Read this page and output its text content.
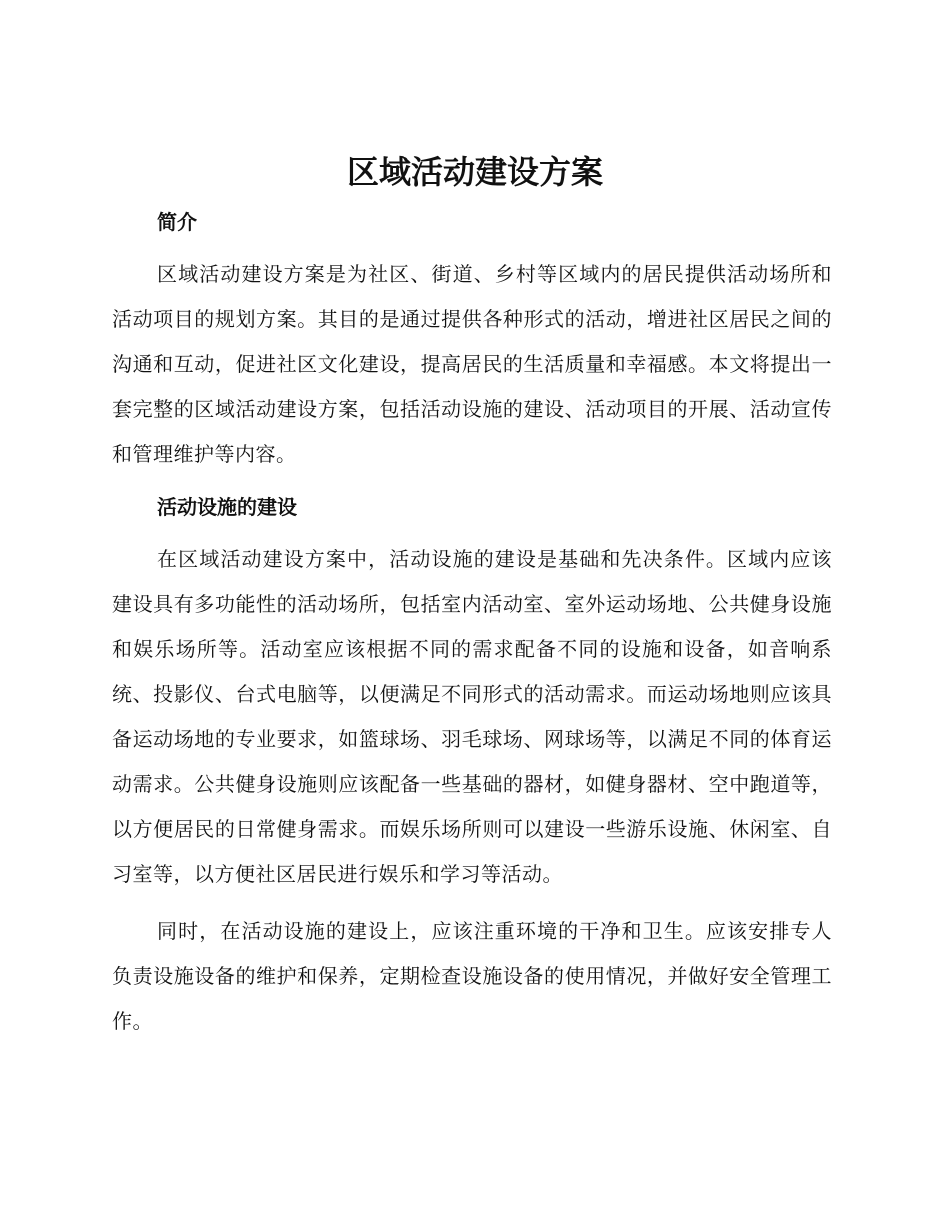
区域活动建设方案
简介

区域活动建设方案是为社区、街道、乡村等区域内的居民提供活动场所和活动项目的规划方案。其目的是通过提供各种形式的活动，增进社区居民之间的沟通和互动，促进社区文化建设，提高居民的生活质量和幸福感。本文将提出一套完整的区域活动建设方案，包括活动设施的建设、活动项目的开展、活动宣传和管理维护等内容。

活动设施的建设

在区域活动建设方案中，活动设施的建设是基础和先决条件。区域内应该建设具有多功能性的活动场所，包括室内活动室、室外运动场地、公共健身设施和娱乐场所等。活动室应该根据不同的需求配备不同的设施和设备，如音响系统、投影仪、台式电脑等，以便满足不同形式的活动需求。而运动场地则应该具备运动场地的专业要求，如篮球场、羽毛球场、网球场等，以满足不同的体育运动需求。公共健身设施则应该配备一些基础的器材，如健身器材、空中跑道等，以方便居民的日常健身需求。而娱乐场所则可以建设一些游乐设施、休闲室、自习室等，以方便社区居民进行娱乐和学习等活动。

同时，在活动设施的建设上，应该注重环境的干净和卫生。应该安排专人负责设施设备的维护和保养，定期检查设施设备的使用情况，并做好安全管理工作。
